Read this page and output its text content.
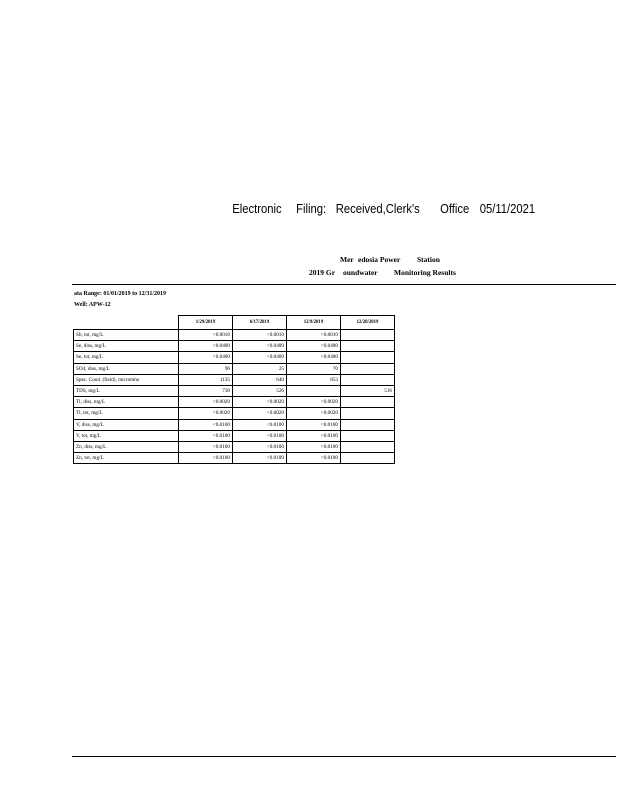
Electronic Filing: Received,Clerk's Office 05/11/2021
Mer edosia Power Station
2019 Gr oundwater Monitoring Results
ata Range: 01/01/2019 to 12/31/2019
Well: APW-12
	1/29/2019	6/17/2019	12/9/2019	12/20/2019
Sb, tot, mg/L	<0.0010	<0.0010	<0.0010	
Se, diss, mg/L	<0.0400	<0.0400	<0.0400	
Se, tot, mg/L	<0.0400	<0.0400	<0.0400	
SO4, diss, mg/L	96	25	70	
Spec. Cond. (field), micromho	1135	640	853	
TDS, mg/L	730	526		516
Tl, diss, mg/L	<0.0020	<0.0020	<0.0020	
Tl, tot, mg/L	<0.0020	<0.0020	<0.0020	
V, diss, mg/L	<0.0100	<0.0100	<0.0100	
V, tot, mg/L	<0.0100	<0.0100	<0.0100	
Zn, diss, mg/L	<0.0100	<0.0100	<0.0100	
Zn, tot, mg/L	<0.0100	<0.0100	<0.0100	
